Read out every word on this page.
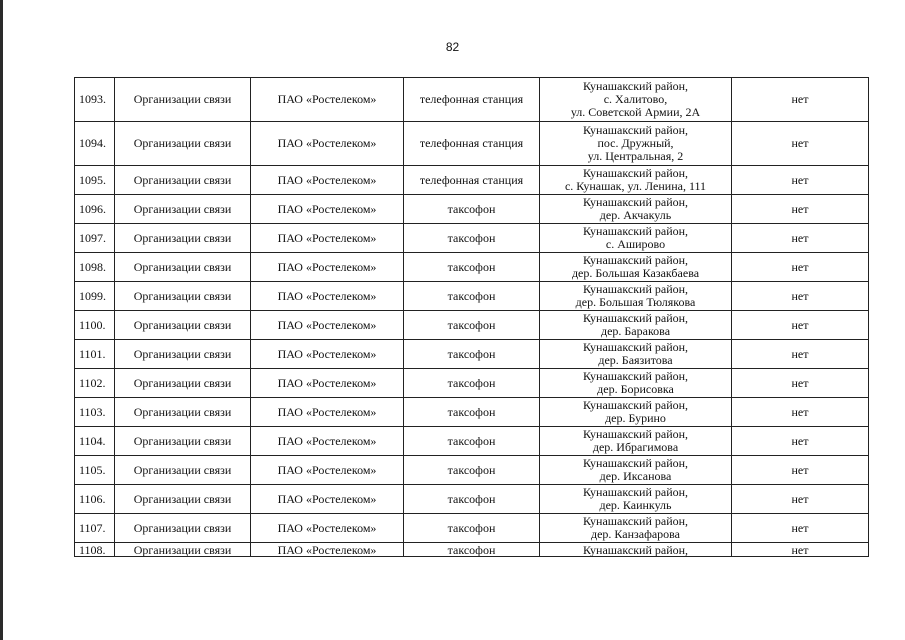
82
1093.	Организации связи	ПАО «Ростелеком»	телефонная станция	Кунашакский район,
с. Халитово,
ул. Советской Армии, 2А	нет
1094.	Организации связи	ПАО «Ростелеком»	телефонная станция	Кунашакский район,
пос. Дружный,
ул. Центральная, 2	нет
1095.	Организации связи	ПАО «Ростелеком»	телефонная станция	Кунашакский район,
с. Кунашак, ул. Ленина, 111	нет
1096.	Организации связи	ПАО «Ростелеком»	таксофон	Кунашакский район,
дер. Акчакуль	нет
1097.	Организации связи	ПАО «Ростелеком»	таксофон	Кунашакский район,
с. Аширово	нет
1098.	Организации связи	ПАО «Ростелеком»	таксофон	Кунашакский район,
дер. Большая Казакбаева	нет
1099.	Организации связи	ПАО «Ростелеком»	таксофон	Кунашакский район,
дер. Большая Тюлякова	нет
1100.	Организации связи	ПАО «Ростелеком»	таксофон	Кунашакский район,
дер. Баракова	нет
1101.	Организации связи	ПАО «Ростелеком»	таксофон	Кунашакский район,
дер. Баязитова	нет
1102.	Организации связи	ПАО «Ростелеком»	таксофон	Кунашакский район,
дер. Борисовка	нет
1103.	Организации связи	ПАО «Ростелеком»	таксофон	Кунашакский район,
дер. Бурино	нет
1104.	Организации связи	ПАО «Ростелеком»	таксофон	Кунашакский район,
дер. Ибрагимова	нет
1105.	Организации связи	ПАО «Ростелеком»	таксофон	Кунашакский район,
дер. Иксанова	нет
1106.	Организации связи	ПАО «Ростелеком»	таксофон	Кунашакский район,
дер. Каинкуль	нет
1107.	Организации связи	ПАО «Ростелеком»	таксофон	Кунашакский район,
дер. Канзафарова	нет
1108.	Организации связи	ПАО «Ростелеком»	таксофон	Кунашакский район,	нет
